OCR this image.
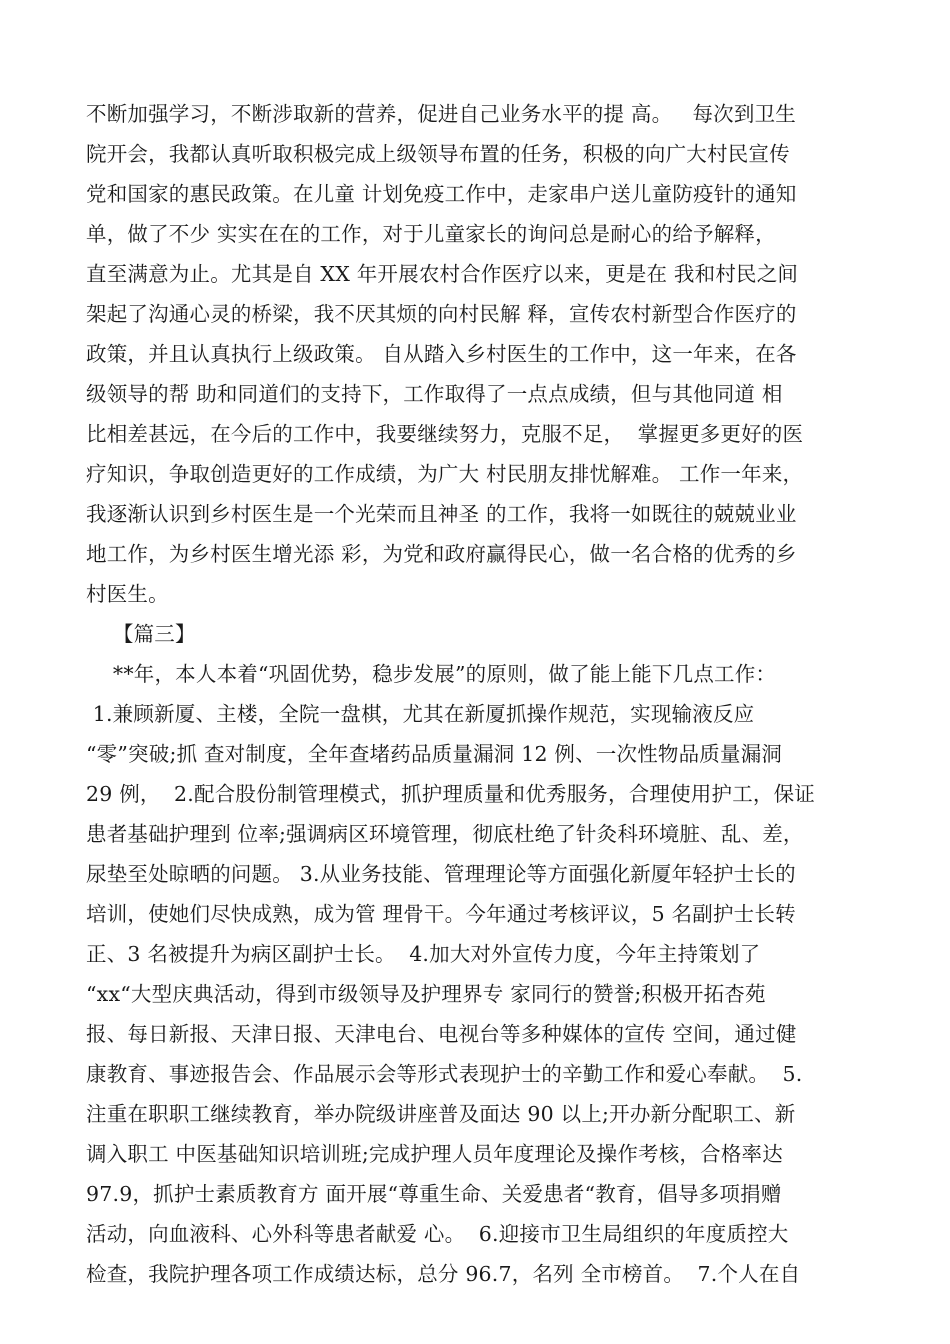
不断加强学习，不断涉取新的营养，促进自己业务水平的提 高。   每次到卫生
院开会，我都认真听取积极完成上级领导布置的任务，积极的向广大村民宣传
党和国家的惠民政策。在儿童 计划免疫工作中，走家串户送儿童防疫针的通知
单，做了不少 实实在在的工作，对于儿童家长的询问总是耐心的给予解释，
直至满意为止。尤其是自 XX 年开展农村合作医疗以来，更是在 我和村民之间
架起了沟通心灵的桥梁，我不厌其烦的向村民解 释，宣传农村新型合作医疗的
政策，并且认真执行上级政策。 自从踏入乡村医生的工作中，这一年来，在各
级领导的帮 助和同道们的支持下，工作取得了一点点成绩，但与其他同道 相
比相差甚远，在今后的工作中，我要继续努力，克服不足，  掌握更多更好的医
疗知识，争取创造更好的工作成绩，为广大 村民朋友排忧解难。 工作一年来，
我逐渐认识到乡村医生是一个光荣而且神圣 的工作，我将一如既往的兢兢业业
地工作，为乡村医生增光添 彩，为党和政府赢得民心，做一名合格的优秀的乡
村医生。
【篇三】
**年，本人本着“巩固优势，稳步发展”的原则，做了能上能下几点工作：
1.兼顾新厦、主楼，全院一盘棋，尤其在新厦抓操作规范，实现输液反应
“零”突破;抓 查对制度，全年查堵药品质量漏洞 12 例、一次性物品质量漏洞
29 例，  2.配合股份制管理模式，抓护理质量和优秀服务，合理使用护工，保证
患者基础护理到 位率;强调病区环境管理，彻底杜绝了针灸科环境脏、乱、差，
尿垫至处晾晒的问题。 3.从业务技能、管理理论等方面强化新厦年轻护士长的
培训，使她们尽快成熟，成为管 理骨干。今年通过考核评议，5 名副护士长转
正、3 名被提升为病区副护士长。  4.加大对外宣传力度，今年主持策划了
“xx“大型庆典活动，得到市级领导及护理界专 家同行的赞誉;积极开拓杏苑
报、每日新报、天津日报、天津电台、电视台等多种媒体的宣传 空间，通过健
康教育、事迹报告会、作品展示会等形式表现护士的辛勤工作和爱心奉献。  5.
注重在职职工继续教育，举办院级讲座普及面达 90 以上;开办新分配职工、新
调入职工 中医基础知识培训班;完成护理人员年度理论及操作考核，合格率达
97.9，抓护士素质教育方 面开展“尊重生命、关爱患者“教育，倡导多项捐赠
活动，向血液科、心外科等患者献爱 心。  6.迎接市卫生局组织的年度质控大
检查，我院护理各项工作成绩达标，总分 96.7，名列 全市榜首。  7.个人在自
